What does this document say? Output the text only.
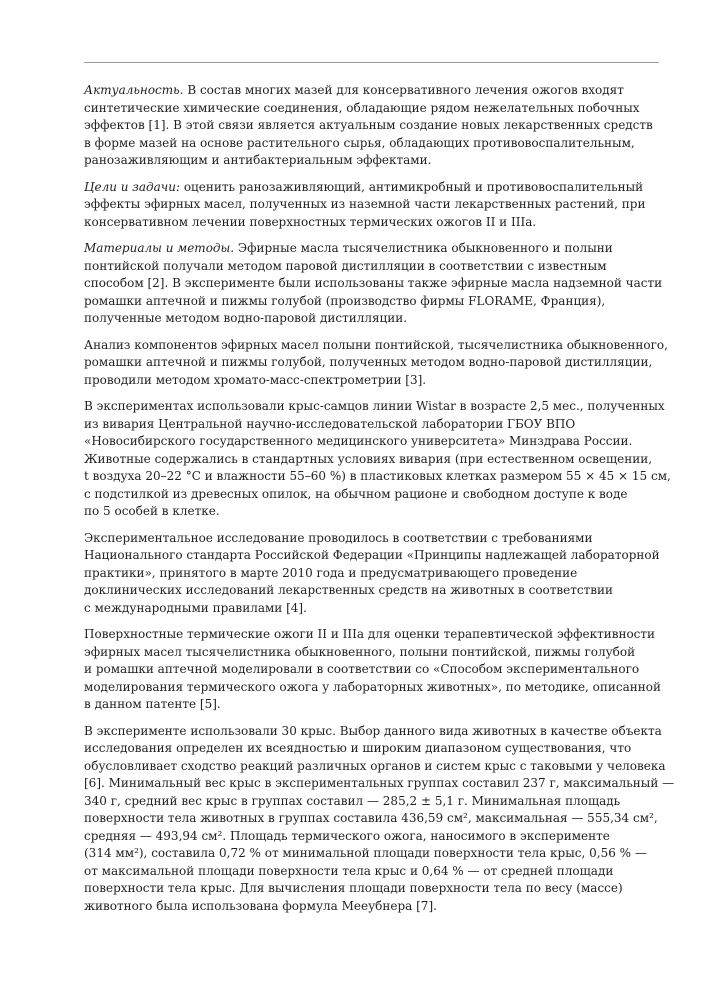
Актуальность. В состав многих мазей для консервативного лечения ожогов входят
синтетические химические соединения, обладающие рядом нежелательных побочных
эффектов [1]. В этой связи является актуальным создание новых лекарственных средств
в форме мазей на основе растительного сырья, обладающих противовоспалительным,
ранозаживляющим и антибактериальным эффектами.
Цели и задачи: оценить ранозаживляющий, антимикробный и противовоспалительный
эффекты эфирных масел, полученных из наземной части лекарственных растений, при
консервативном лечении поверхностных термических ожогов II и IIIa.
Материалы и методы. Эфирные масла тысячелистника обыкновенного и полыни
понтийской получали методом паровой дистилляции в соответствии с известным
способом [2]. В эксперименте были использованы также эфирные масла надземной части
ромашки аптечной и пижмы голубой (производство фирмы FLORAME, Франция),
полученные методом водно-паровой дистилляции.
Анализ компонентов эфирных масел полыни понтийской, тысячелистника обыкновенного,
ромашки аптечной и пижмы голубой, полученных методом водно-паровой дистилляции,
проводили методом хромато-масс-спектрометрии [3].
В экспериментах использовали крыс-самцов линии Wistar в возрасте 2,5 мес., полученных
из вивария Центральной научно-исследовательской лаборатории ГБОУ ВПО
«Новосибирского государственного медицинского университета» Минздрава России.
Животные содержались в стандартных условиях вивария (при естественном освещении,
t воздуха 20–22 °C и влажности 55–60 %) в пластиковых клетках размером 55 × 45 × 15 см,
с подстилкой из древесных опилок, на обычном рационе и свободном доступе к воде
по 5 особей в клетке.
Экспериментальное исследование проводилось в соответствии с требованиями
Национального стандарта Российской Федерации «Принципы надлежащей лабораторной
практики», принятого в марте 2010 года и предусматривающего проведение
доклинических исследований лекарственных средств на животных в соответствии
с международными правилами [4].
Поверхностные термические ожоги II и IIIa для оценки терапевтической эффективности
эфирных масел тысячелистника обыкновенного, полыни понтийской, пижмы голубой
и ромашки аптечной моделировали в соответствии со «Способом экспериментального
моделирования термического ожога у лабораторных животных», по методике, описанной
в данном патенте [5].
В эксперименте использовали 30 крыс. Выбор данного вида животных в качестве объекта
исследования определен их всеядностью и широким диапазоном существования, что
обусловливает сходство реакций различных органов и систем крыс с таковыми у человека
[6]. Минимальный вес крыс в экспериментальных группах составил 237 г, максимальный —
340 г, средний вес крыс в группах составил — 285,2 ± 5,1 г. Минимальная площадь
поверхности тела животных в группах составила 436,59 см², максимальная — 555,34 см²,
средняя — 493,94 см². Площадь термического ожога, наносимого в эксперименте
(314 мм²), составила 0,72 % от минимальной площади поверхности тела крыс, 0,56 % —
от максимальной площади поверхности тела крыс и 0,64 % — от средней площади
поверхности тела крыс. Для вычисления площади поверхности тела по весу (массе)
животного была использована формула Мееубнера [7].
